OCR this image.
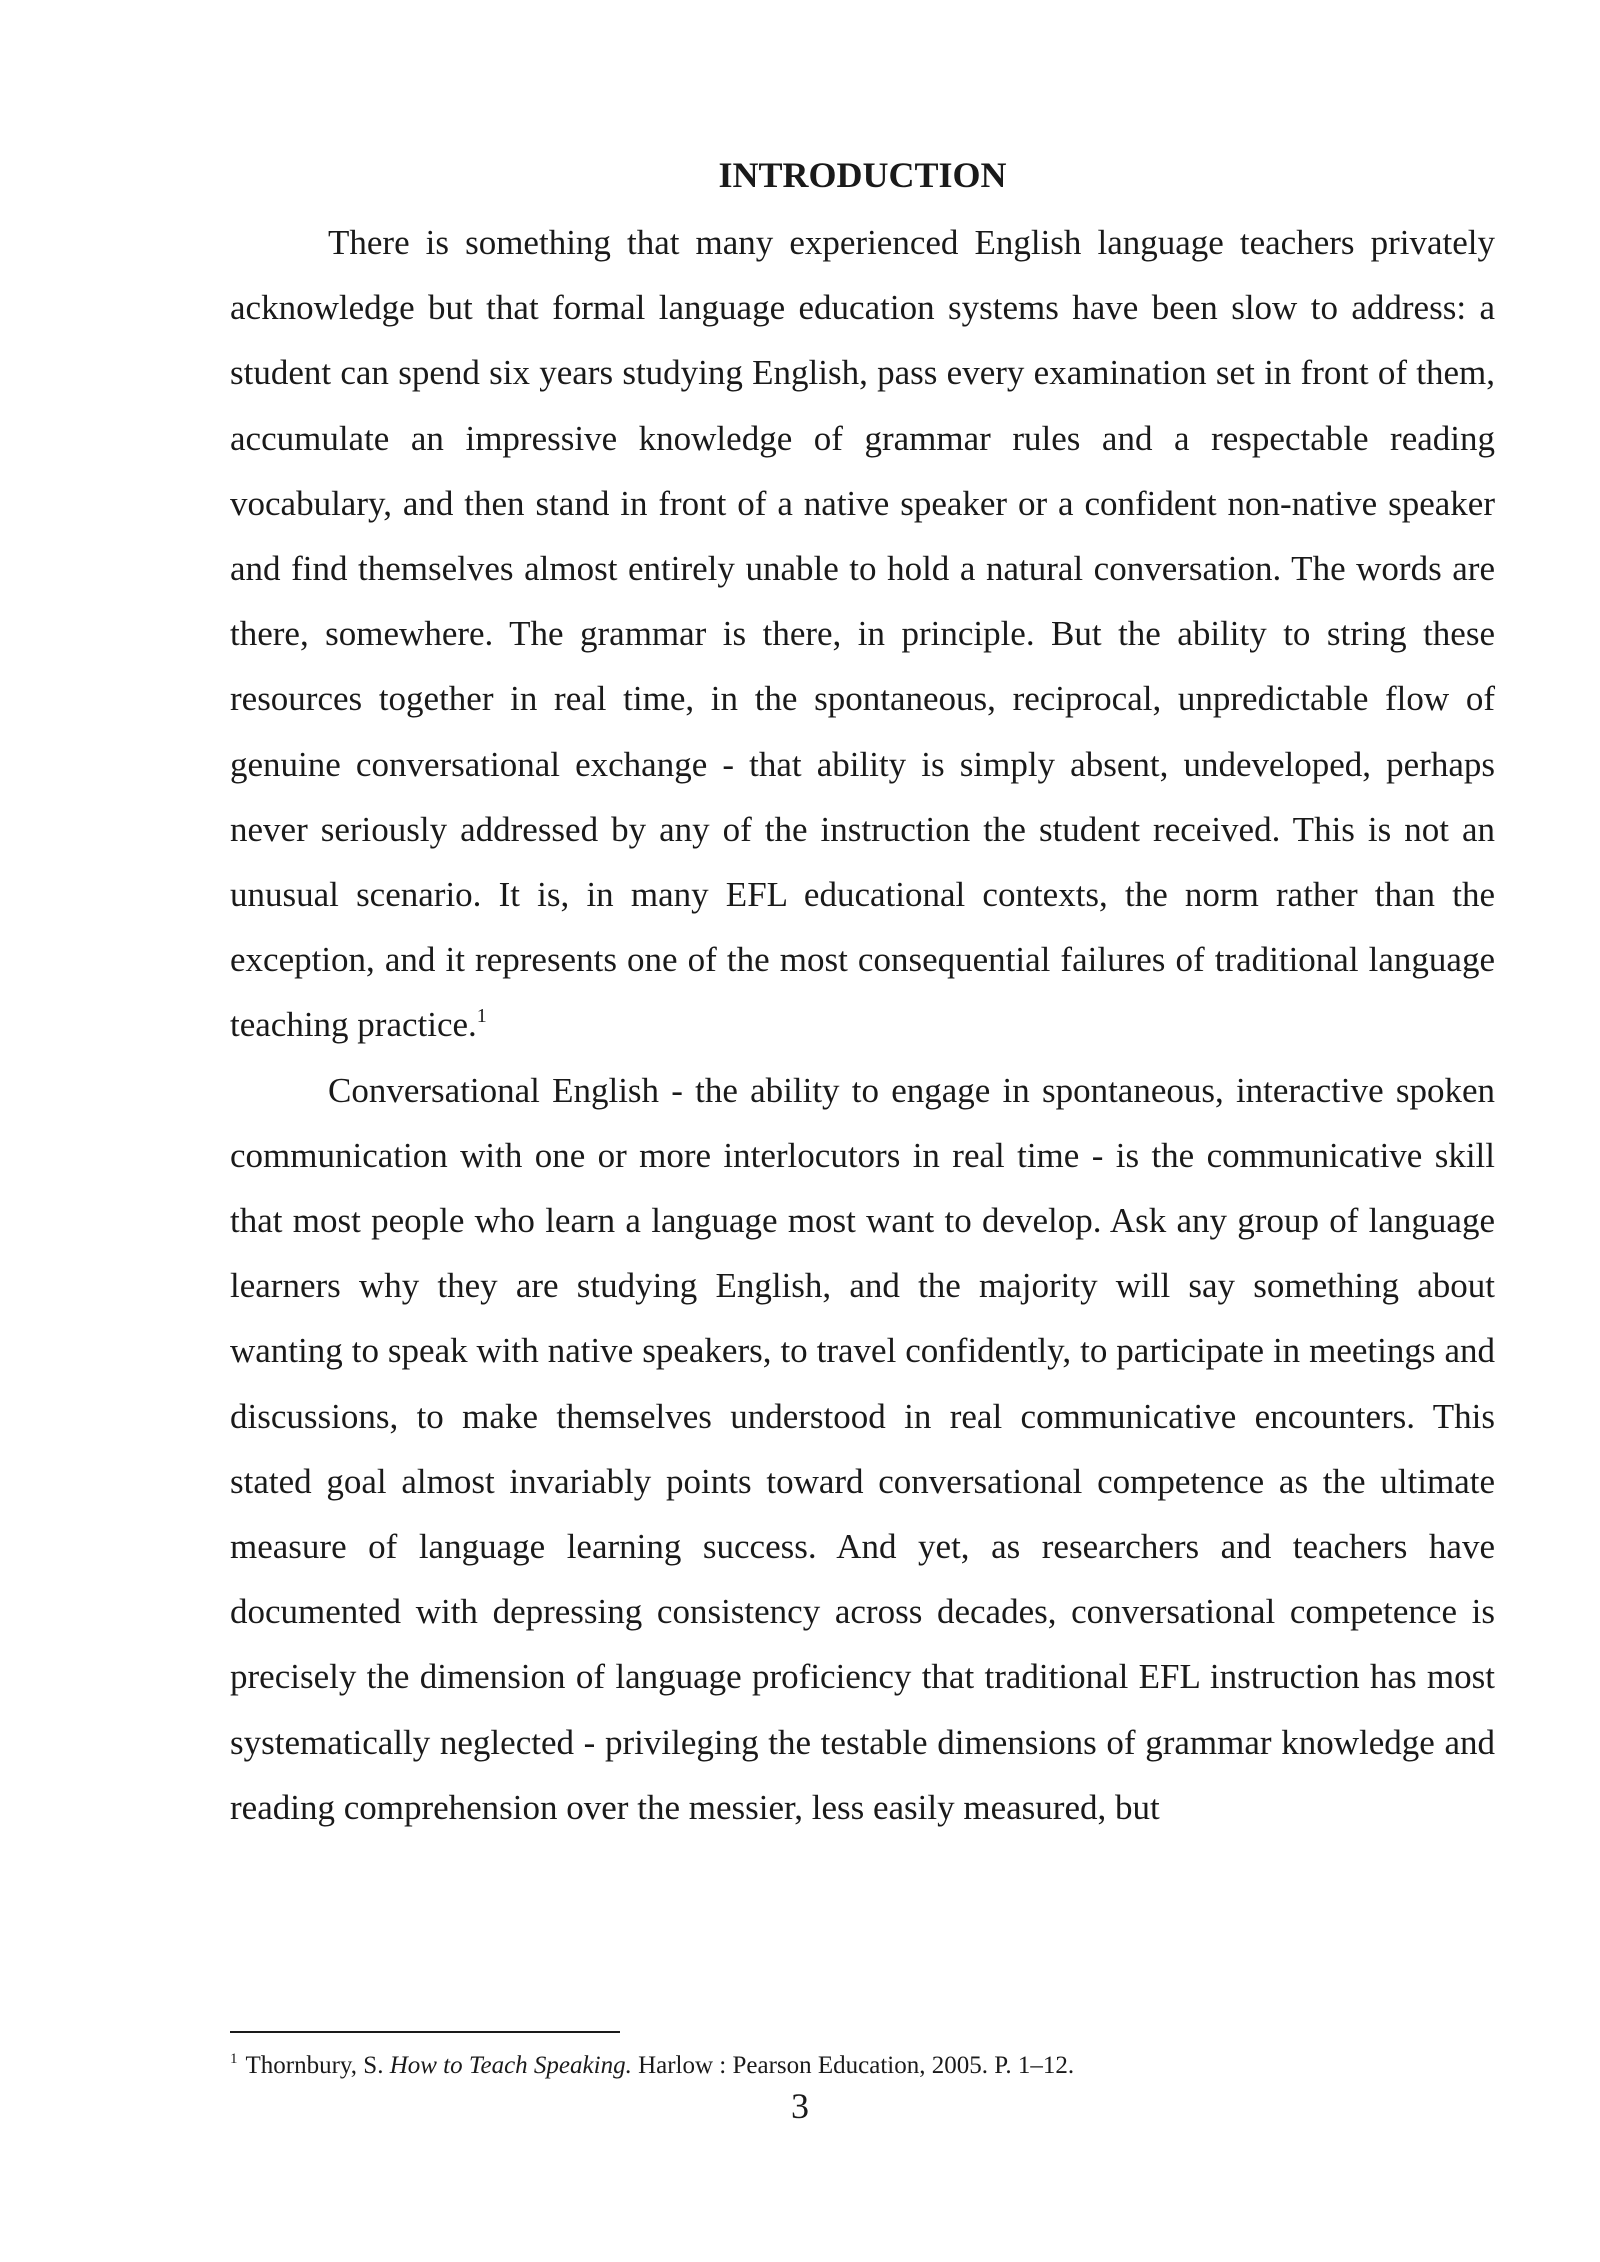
INTRODUCTION

There is something that many experienced English language teachers privately acknowledge but that formal language education systems have been slow to address: a student can spend six years studying English, pass every examination set in front of them, accumulate an impressive knowledge of grammar rules and a respectable reading vocabulary, and then stand in front of a native speaker or a confident non-native speaker and find themselves almost entirely unable to hold a natural conversation. The words are there, somewhere. The grammar is there, in principle. But the ability to string these resources together in real time, in the spontaneous, reciprocal, unpredictable flow of genuine conversational exchange - that ability is simply absent, undeveloped, perhaps never seriously addressed by any of the instruction the student received. This is not an unusual scenario. It is, in many EFL educational contexts, the norm rather than the exception, and it represents one of the most consequential failures of traditional language teaching practice.$^1$

Conversational English - the ability to engage in spontaneous, interactive spoken communication with one or more interlocutors in real time - is the communicative skill that most people who learn a language most want to develop. Ask any group of language learners why they are studying English, and the majority will say something about wanting to speak with native speakers, to travel confidently, to participate in meetings and discussions, to make themselves understood in real communicative encounters. This stated goal almost invariably points toward conversational competence as the ultimate measure of language learning success. And yet, as researchers and teachers have documented with depressing consistency across decades, conversational competence is precisely the dimension of language proficiency that traditional EFL instruction has most systematically neglected - privileging the testable dimensions of grammar knowledge and reading comprehension over the messier, less easily measured, but

$^1$ Thornbury, S. How to Teach Speaking. Harlow : Pearson Education, 2005. P. 1–12.
3
